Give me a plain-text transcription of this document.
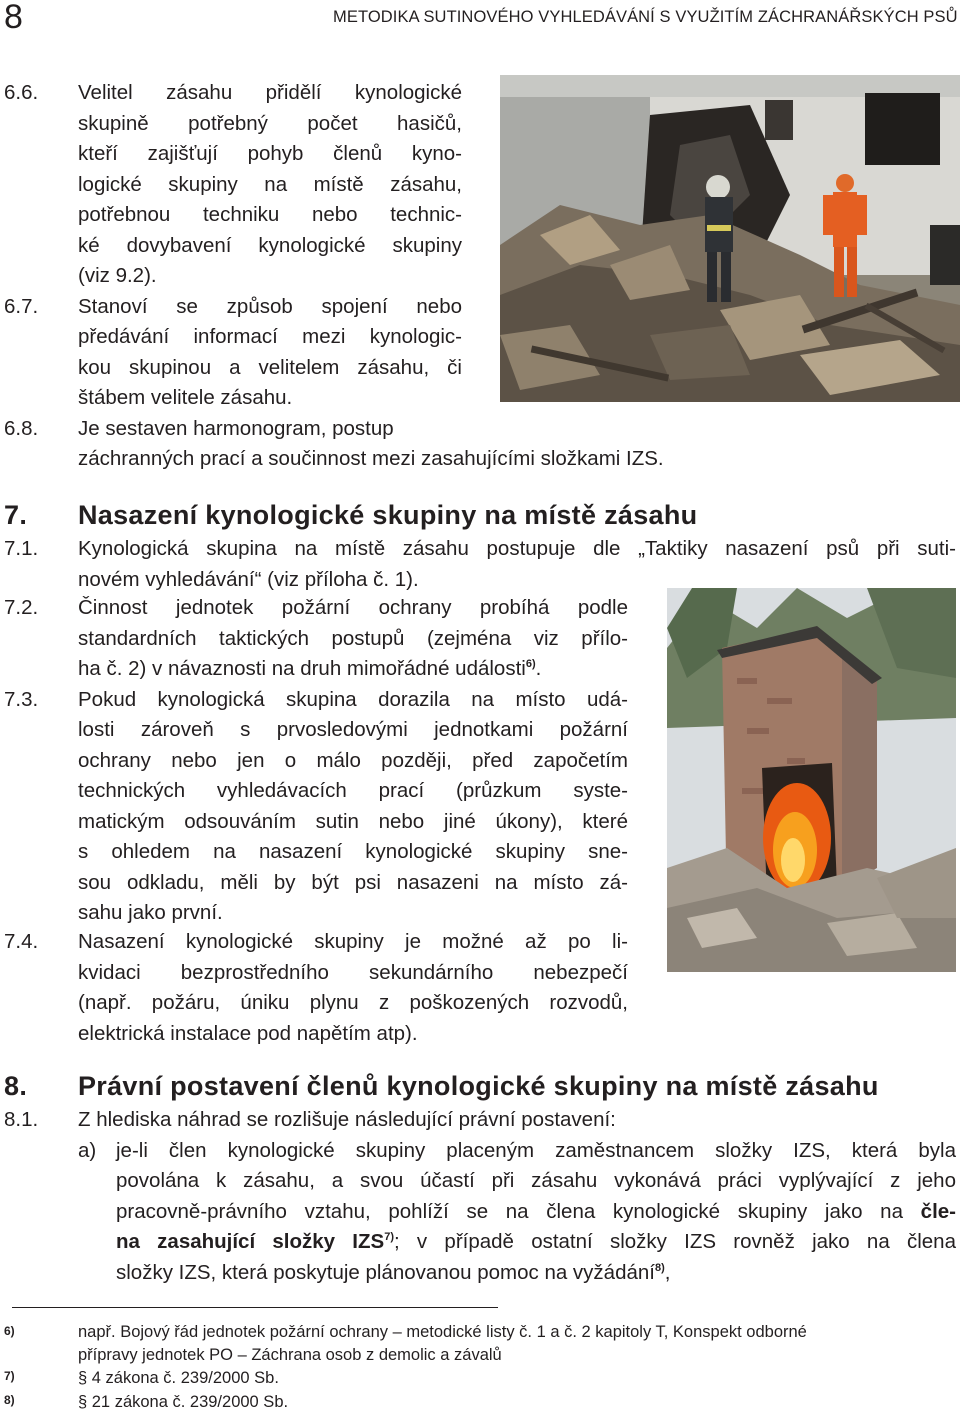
8	METODIKA SUTINOVÉHO VYHLEDÁVÁNÍ S VYUŽITÍM ZÁCHRANÁŘSKÝCH PSŮ
6.6. Velitel zásahu přidělí kynologické
skupině potřebný počet hasičů,
kteří zajišťují pohyb členů kyno-
logické skupiny na místě zásahu,
potřebnou techniku nebo technic-
ké dovybavení kynologické skupiny
(viz 9.2).
6.7. Stanoví se způsob spojení nebo
předávání informací mezi kynologic-
kou skupinou a velitelem zásahu, či
štábem velitele zásahu.
6.8. Je sestaven harmonogram, postup
záchranných prací a součinnost mezi zasahujícími složkami IZS.
7. Nasazení kynologické skupiny na místě zásahu
7.1. Kynologická skupina na místě zásahu postupuje dle „Taktiky nasazení psů při suti-
novém vyhledávání“ (viz příloha č. 1).
7.2. Činnost jednotek požární ochrany probíhá podle
standardních taktických postupů (zejména viz přílo-
ha č. 2) v návaznosti na druh mimořádné události$^{6)}$.
7.3. Pokud kynologická skupina dorazila na místo udá-
losti zároveň s prvosledovými jednotkami požární
ochrany nebo jen o málo později, před započetím
technických vyhledávacích prací (průzkum syste-
matickým odsouváním sutin nebo jiné úkony), které
s ohledem na nasazení kynologické skupiny sne-
sou odkladu, měli by být psi nasazeni na místo zá-
sahu jako první.
7.4. Nasazení kynologické skupiny je možné až po li-
kvidaci bezprostředního sekundárního nebezpečí
(např. požáru, úniku plynu z poškozených rozvodů,
elektrická instalace pod napětím atp).
8. Právní postavení členů kynologické skupiny na místě zásahu
8.1. Z hlediska náhrad se rozlišuje následující právní postavení:
a) je-li člen kynologické skupiny placeným zaměstnancem složky IZS, která byla
povolána k zásahu, a svou účastí při zásahu vykonává práci vyplývající z jeho
pracovně-právního vztahu, pohlíží se na člena kynologické skupiny jako na čle-
na zasahující složky IZS$^{7)}$; v případě ostatní složky IZS rovněž jako na člena
složky IZS, která poskytuje plánovanou pomoc na vyžádání$^{8)}$,
6)	např. Bojový řád jednotek požární ochrany – metodické listy č. 1 a č. 2 kapitoly T, Konspekt odborné
přípravy jednotek PO – Záchrana osob z demolic a závalů
7)	§ 4 zákona č. 239/2000 Sb.
8)	§ 21 zákona č. 239/2000 Sb.
